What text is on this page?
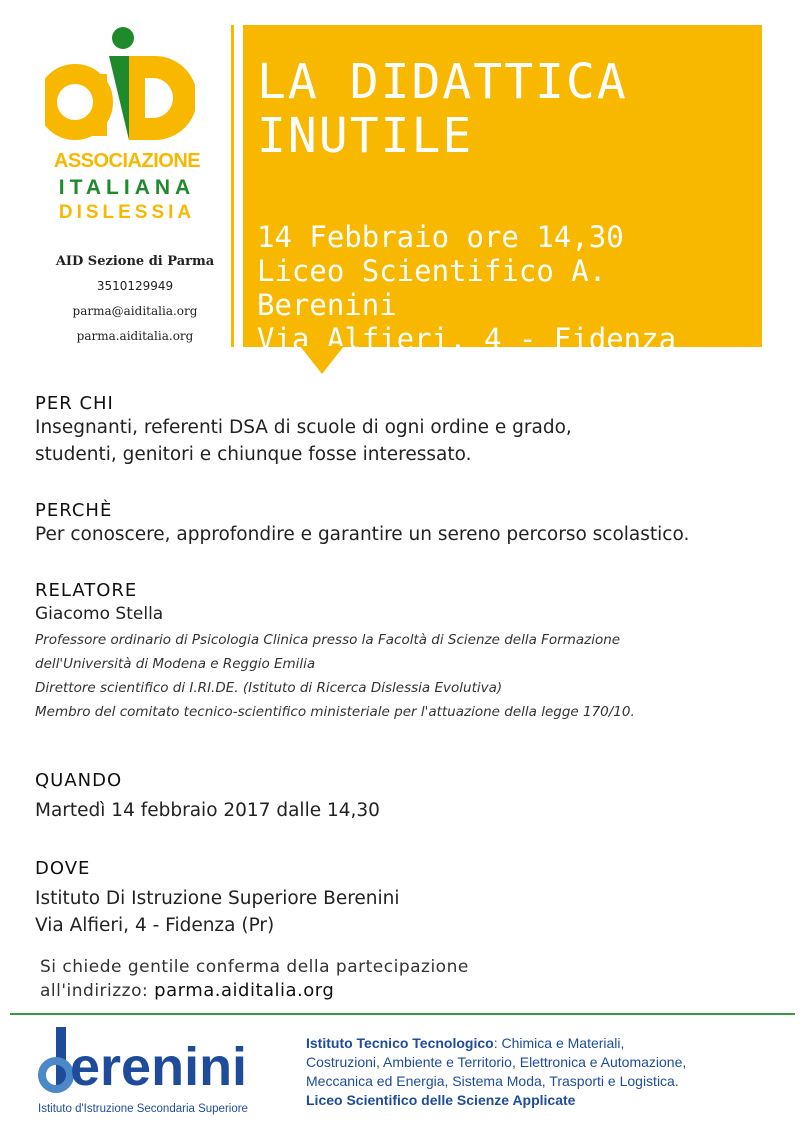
ASSOCIAZIONE
ITALIANA
DISLESSIA
AID Sezione di Parma
3510129949
parma@aiditalia.org
parma.aiditalia.org
LA DIDATTICA
INUTILE
14 Febbraio ore 14,30
Liceo Scientifico A. Berenini
Via Alfieri, 4 - Fidenza (Pr)
PER CHI
Insegnanti, referenti DSA di scuole di ogni ordine e grado,
studenti, genitori e chiunque fosse interessato.
PERCHÈ
Per conoscere, approfondire e garantire un sereno percorso scolastico.
RELATORE
Giacomo Stella
Professore ordinario di Psicologia Clinica presso la Facoltà di Scienze della Formazione
dell'Università di Modena e Reggio Emilia
Direttore scientifico di I.RI.DE. (Istituto di Ricerca Dislessia Evolutiva)
Membro del comitato tecnico-scientifico ministeriale per l'attuazione della legge 170/10.
QUANDO
Martedì 14 febbraio 2017 dalle 14,30
DOVE
Istituto Di Istruzione Superiore Berenini
Via Alfieri, 4 - Fidenza (Pr)
Si chiede gentile conferma della partecipazione
all'indirizzo: parma.aiditalia.org
erenini
Istituto d'Istruzione Secondaria Superiore
Istituto Tecnico Tecnologico: Chimica e Materiali,
Costruzioni, Ambiente e Territorio, Elettronica e Automazione,
Meccanica ed Energia, Sistema Moda, Trasporti e Logistica.
Liceo Scientifico delle Scienze Applicate
